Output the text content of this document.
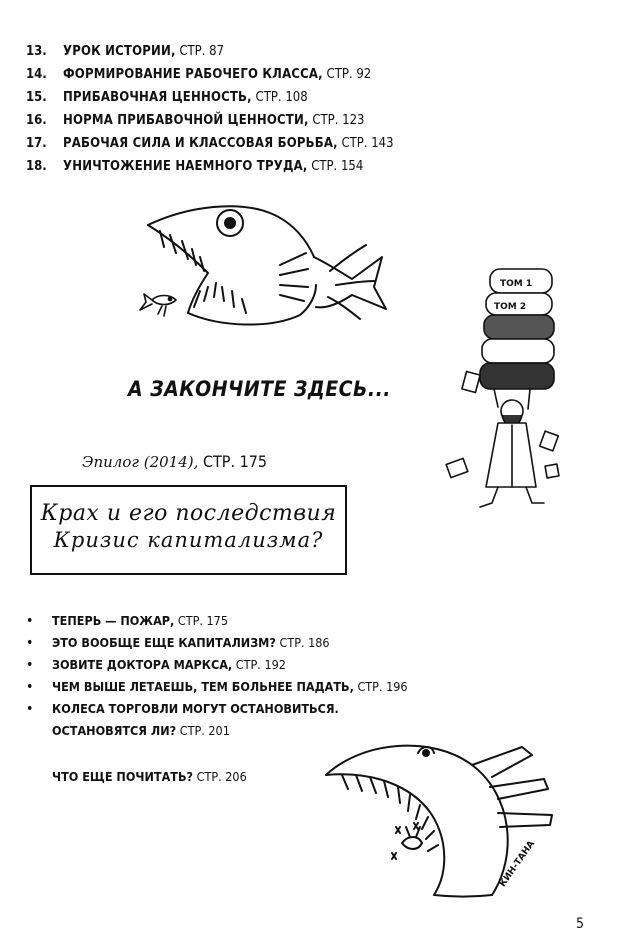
13. УРОК ИСТОРИИ, СТР. 87
14. ФОРМИРОВАНИЕ РАБОЧЕГО КЛАССА, СТР. 92
15. ПРИБАВОЧНАЯ ЦЕННОСТЬ, СТР. 108
16. НОРМА ПРИБАВОЧНОЙ ЦЕННОСТИ, СТР. 123
17. РАБОЧАЯ СИЛА И КЛАССОВАЯ БОРЬБА, СТР. 143
18. УНИЧТОЖЕНИЕ НАЕМНОГО ТРУДА, СТР. 154
ТОМ 1
ТОМ 2
А ЗАКОНЧИТЕ ЗДЕСЬ...
Эпилог (2014), СТР. 175
Крах и его последствия
Кризис капитализма?
• ТЕПЕРЬ — ПОЖАР, СТР. 175
• ЭТО ВООБЩЕ ЕЩЕ КАПИТАЛИЗМ? СТР. 186
• ЗОВИТЕ ДОКТОРА МАРКСА, СТР. 192
• ЧЕМ ВЫШЕ ЛЕТАЕШЬ, ТЕМ БОЛЬНЕЕ ПАДАТЬ, СТР. 196
• КОЛЕСА ТОРГОВЛИ МОГУТ ОСТАНОВИТЬСЯ.
ОСТАНОВЯТСЯ ЛИ? СТР. 201
ЧТО ЕЩЕ ПОЧИТАТЬ? СТР. 206
КИН-ТАНА
5
